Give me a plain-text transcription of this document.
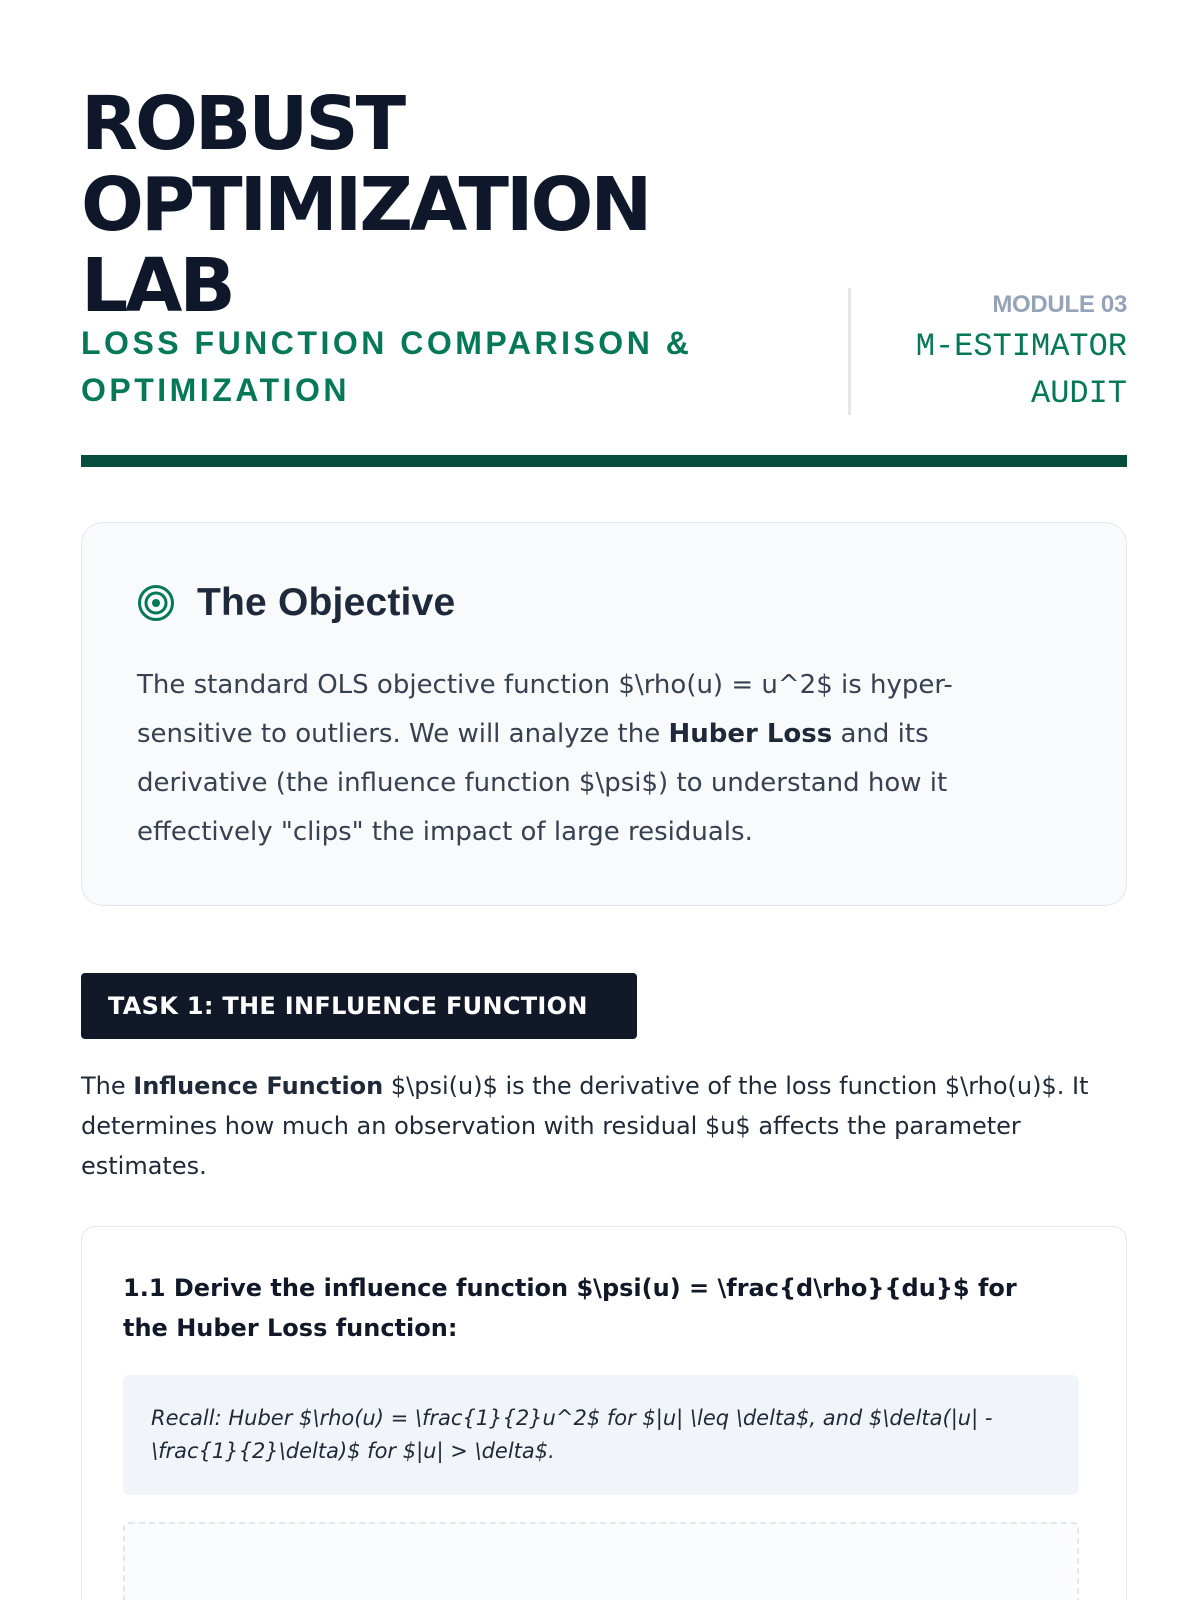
ROBUST
OPTIMIZATION
LAB
LOSS FUNCTION COMPARISON & OPTIMIZATION
MODULE 03
M-ESTIMATOR AUDIT
The Objective

The standard OLS objective function $\rho(u) = u^2$ is hyper-sensitive to outliers. We will analyze the Huber Loss and its derivative (the influence function $\psi$) to understand how it effectively "clips" the impact of large residuals.

TASK 1: THE INFLUENCE FUNCTION

The Influence Function $\psi(u)$ is the derivative of the loss function $\rho(u)$. It determines how much an observation with residual $u$ affects the parameter estimates.

1.1 Derive the influence function $\psi(u) = \frac{d\rho}{du}$ for the Huber Loss function:
Recall: Huber $\rho(u) = \frac{1}{2}u^2$ for $|u| \leq \delta$, and $\delta(|u| - \frac{1}{2}\delta)$ for $|u| > \delta$.
